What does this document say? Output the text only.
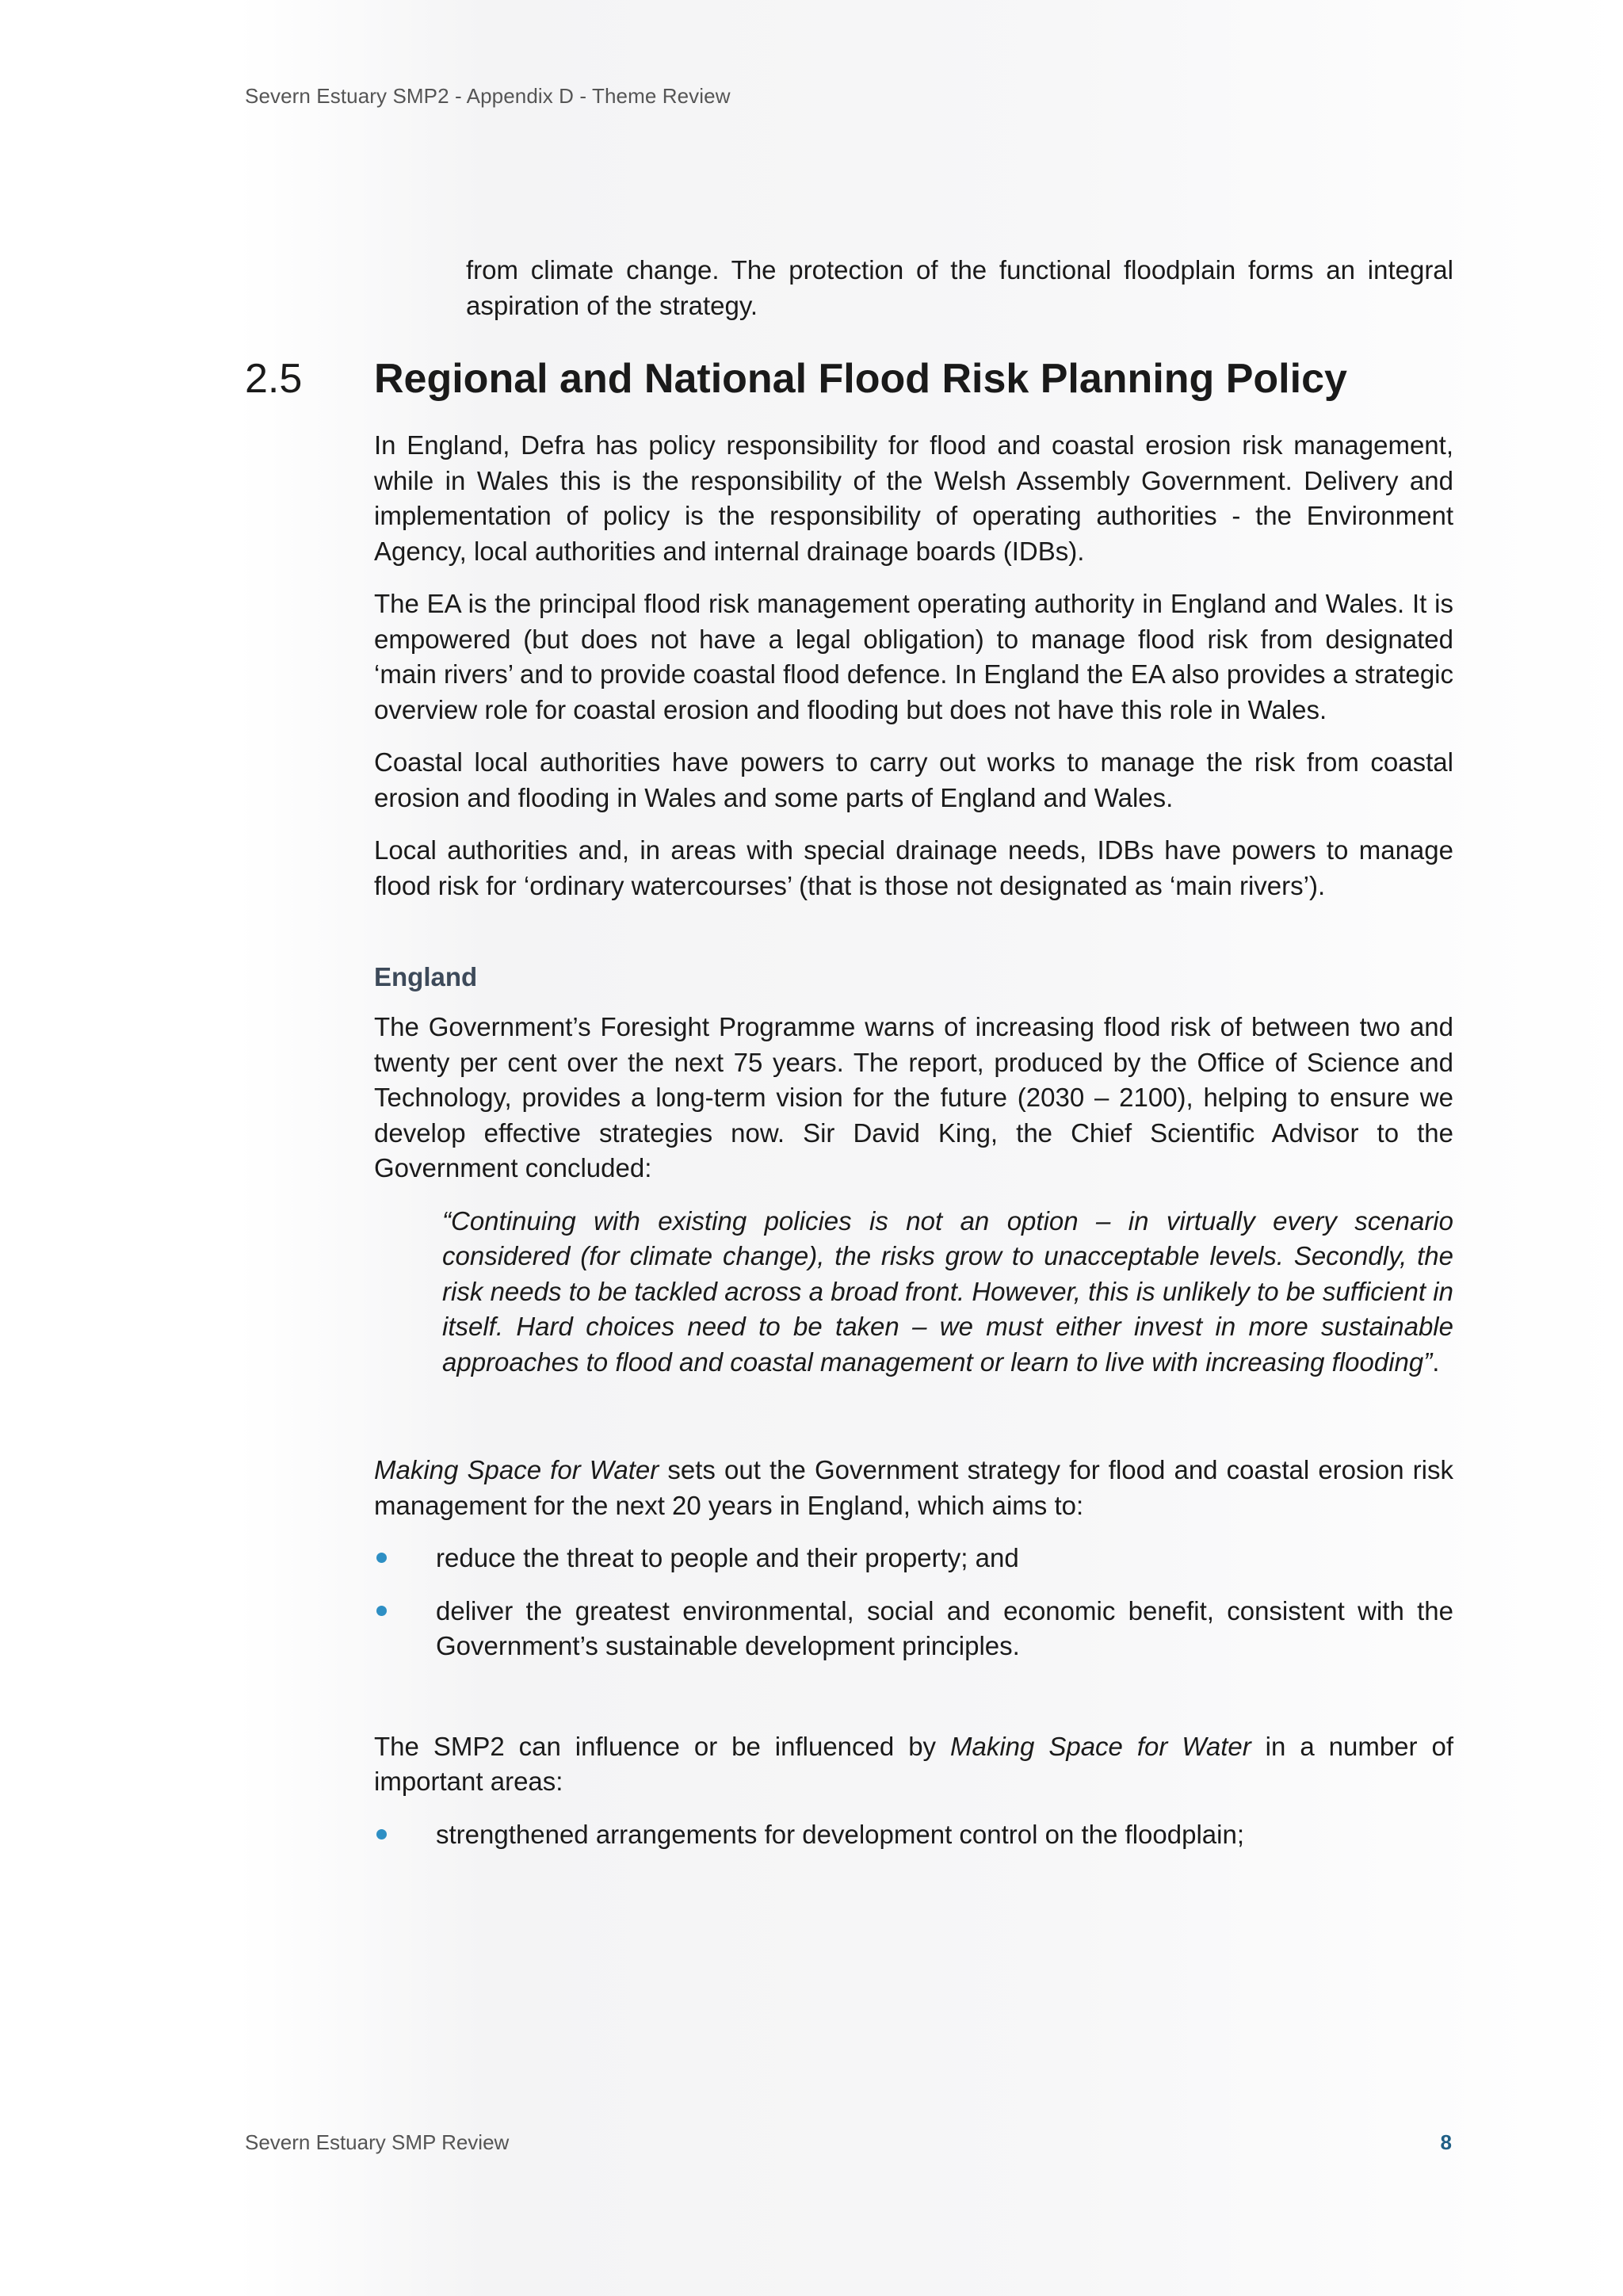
Severn Estuary SMP2 - Appendix D - Theme Review

from climate change. The protection of the functional floodplain forms an integral aspiration of the strategy.

2.5 Regional and National Flood Risk Planning Policy

In England, Defra has policy responsibility for flood and coastal erosion risk management, while in Wales this is the responsibility of the Welsh Assembly Government. Delivery and implementation of policy is the responsibility of operating authorities - the Environment Agency, local authorities and internal drainage boards (IDBs).

The EA is the principal flood risk management operating authority in England and Wales. It is empowered (but does not have a legal obligation) to manage flood risk from designated ‘main rivers’ and to provide coastal flood defence. In England the EA also provides a strategic overview role for coastal erosion and flooding but does not have this role in Wales.

Coastal local authorities have powers to carry out works to manage the risk from coastal erosion and flooding in Wales and some parts of England and Wales.

Local authorities and, in areas with special drainage needs, IDBs have powers to manage flood risk for ‘ordinary watercourses’ (that is those not designated as ‘main rivers’).

England

The Government’s Foresight Programme warns of increasing flood risk of between two and twenty per cent over the next 75 years. The report, produced by the Office of Science and Technology, provides a long-term vision for the future (2030 – 2100), helping to ensure we develop effective strategies now. Sir David King, the Chief Scientific Advisor to the Government concluded:

“Continuing with existing policies is not an option – in virtually every scenario considered (for climate change), the risks grow to unacceptable levels. Secondly, the risk needs to be tackled across a broad front. However, this is unlikely to be sufficient in itself. Hard choices need to be taken – we must either invest in more sustainable approaches to flood and coastal management or learn to live with increasing flooding”.

Making Space for Water sets out the Government strategy for flood and coastal erosion risk management for the next 20 years in England, which aims to:

reduce the threat to people and their property; and
deliver the greatest environmental, social and economic benefit, consistent with the Government’s sustainable development principles.

The SMP2 can influence or be influenced by Making Space for Water in a number of important areas:

strengthened arrangements for development control on the floodplain;
Severn Estuary SMP Review	8
